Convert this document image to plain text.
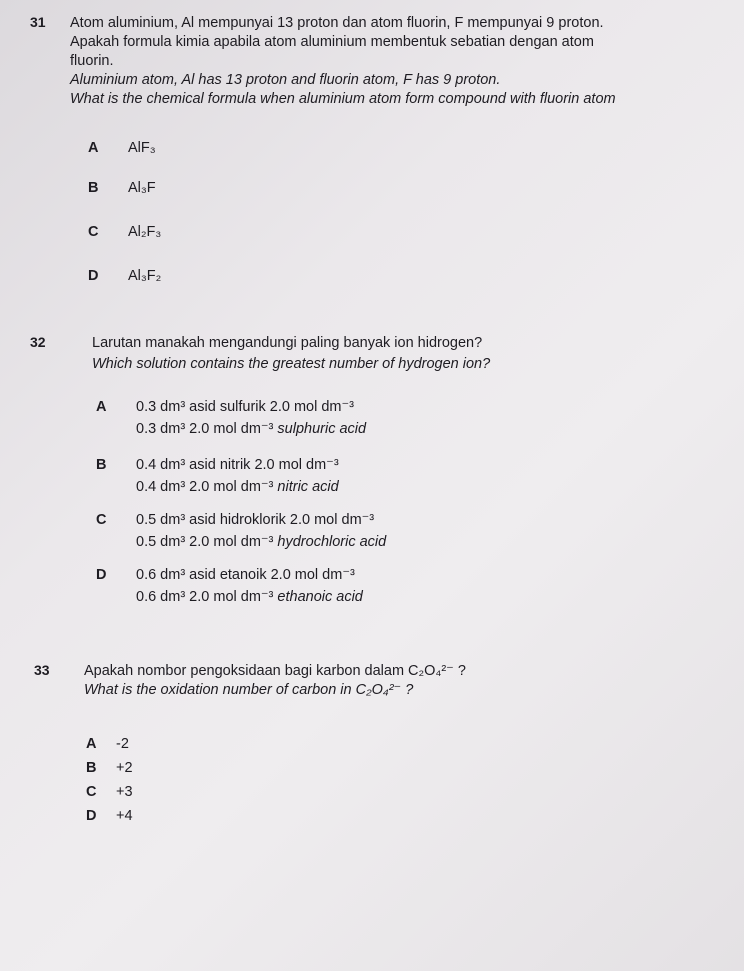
31 Atom aluminium, Al mempunyai 13 proton dan atom fluorin, F mempunyai 9 proton.
Apakah formula kimia apabila atom aluminium membentuk sebatian dengan atom
fluorin.
Aluminium atom, Al has 13 proton and fluorin atom, F has 9 proton.
What is the chemical formula when aluminium atom form compound with fluorin atom
A AlF₃
B Al₃F
C Al₂F₃
D Al₃F₂
32	Larutan manakah mengandungi paling banyak ion hidrogen?
Which solution contains the greatest number of hydrogen ion?
A 0.3 dm³ asid sulfurik 2.0 mol dm⁻³
0.3 dm³ 2.0 mol dm⁻³ sulphuric acid
B 0.4 dm³ asid nitrik 2.0 mol dm⁻³
0.4 dm³ 2.0 mol dm⁻³ nitric acid
C 0.5 dm³ asid hidroklorik 2.0 mol dm⁻³
0.5 dm³ 2.0 mol dm⁻³ hydrochloric acid
D 0.6 dm³ asid etanoik 2.0 mol dm⁻³
0.6 dm³ 2.0 mol dm⁻³ ethanoic acid
33 Apakah nombor pengoksidaan bagi karbon dalam C₂O₄²⁻ ?
What is the oxidation number of carbon in C₂O₄²⁻ ?
A -2
B +2
C +3
D +4
